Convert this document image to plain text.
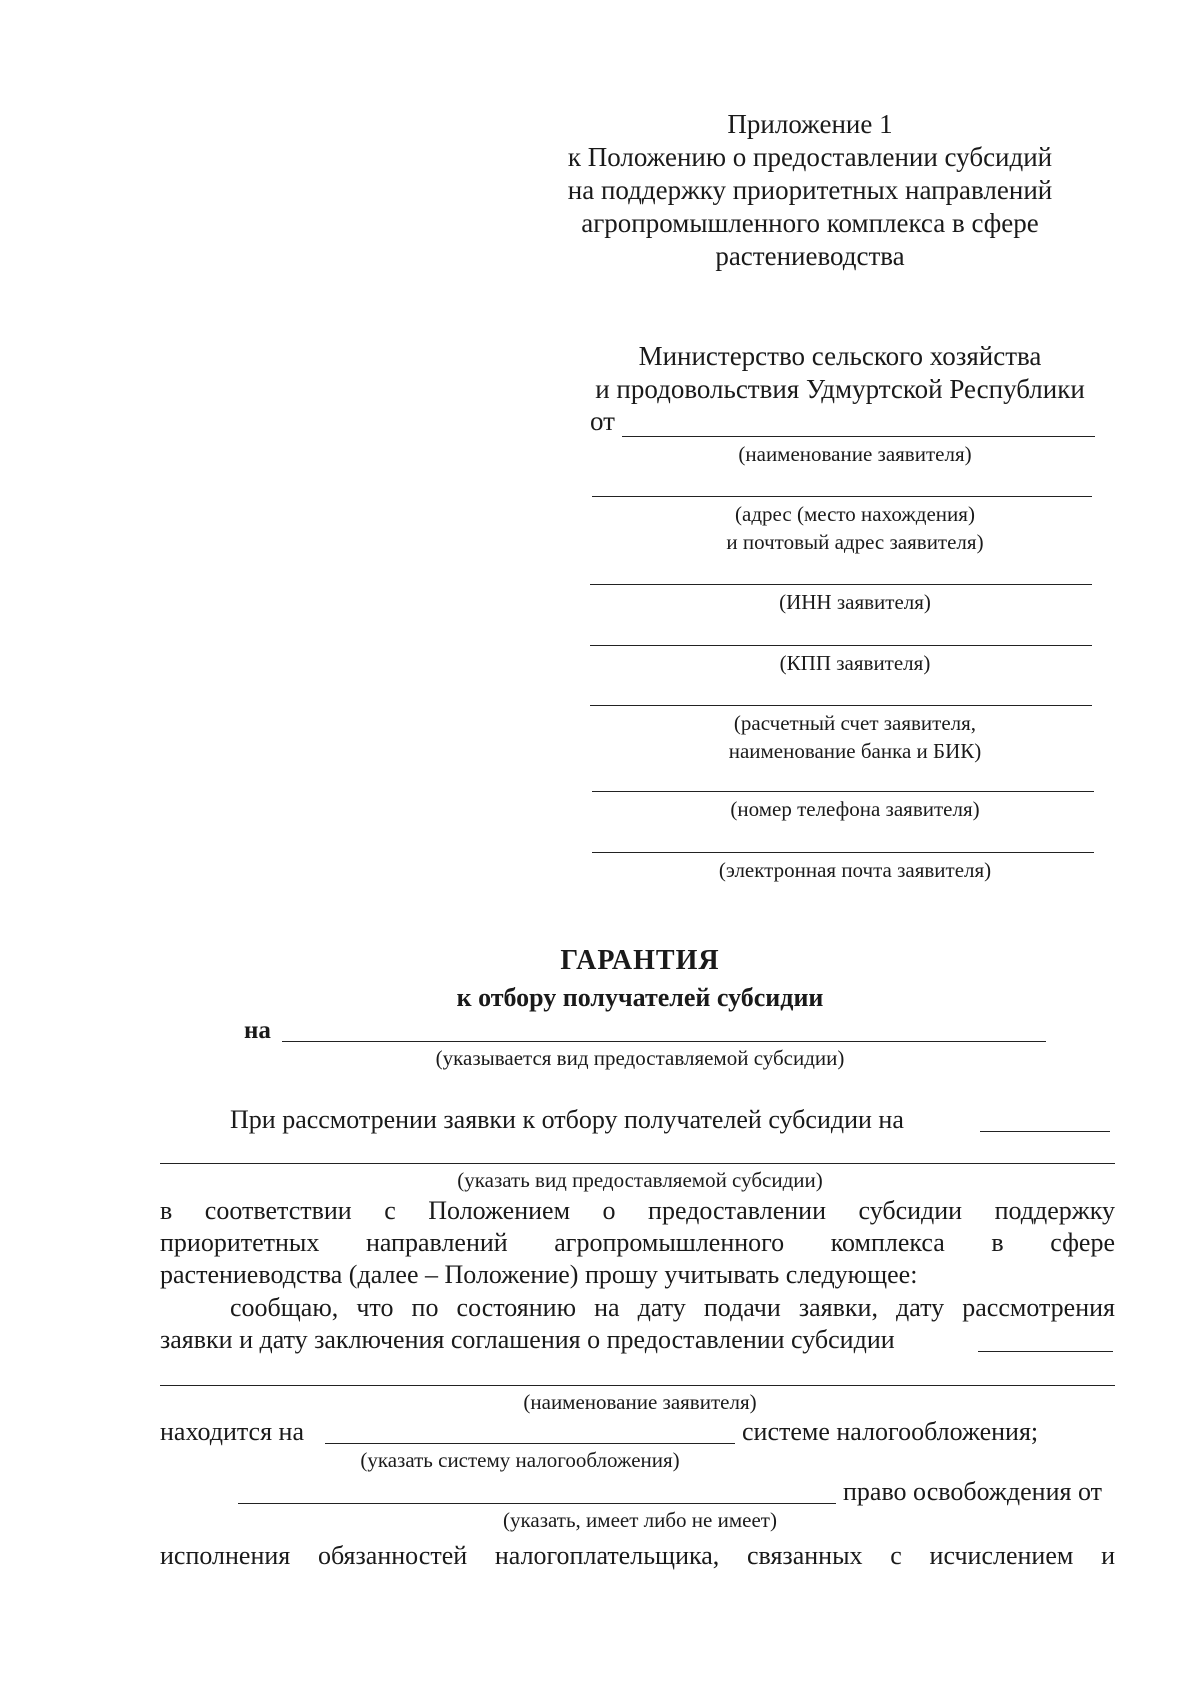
Приложение 1
к Положению о предоставлении субсидий
на поддержку приоритетных направлений
агропромышленного комплекса в сфере
растениеводства
Министерство сельского хозяйства
и продовольствия Удмуртской Республики
от
(наименование заявителя)
(адрес (место нахождения)
и почтовый адрес заявителя)
(ИНН заявителя)
(КПП заявителя)
(расчетный счет заявителя,
наименование банка и БИК)
(номер телефона заявителя)
(электронная почта заявителя)
ГАРАНТИЯ
к отбору получателей субсидии
на
(указывается вид предоставляемой субсидии)
При рассмотрении заявки к отбору получателей субсидии на
(указать вид предоставляемой субсидии)
в соответствии с Положением о предоставлении субсидии поддержку
приоритетных направлений агропромышленного комплекса в сфере
растениеводства (далее – Положение) прошу учитывать следующее:
сообщаю, что по состоянию на дату подачи заявки, дату рассмотрения
заявки и дату заключения соглашения о предоставлении субсидии
(наименование заявителя)
находится на	системе налогообложения;
(указать систему налогообложения)
право освобождения от
(указать, имеет либо не имеет)
исполнения обязанностей налогоплательщика, связанных с исчислением и
